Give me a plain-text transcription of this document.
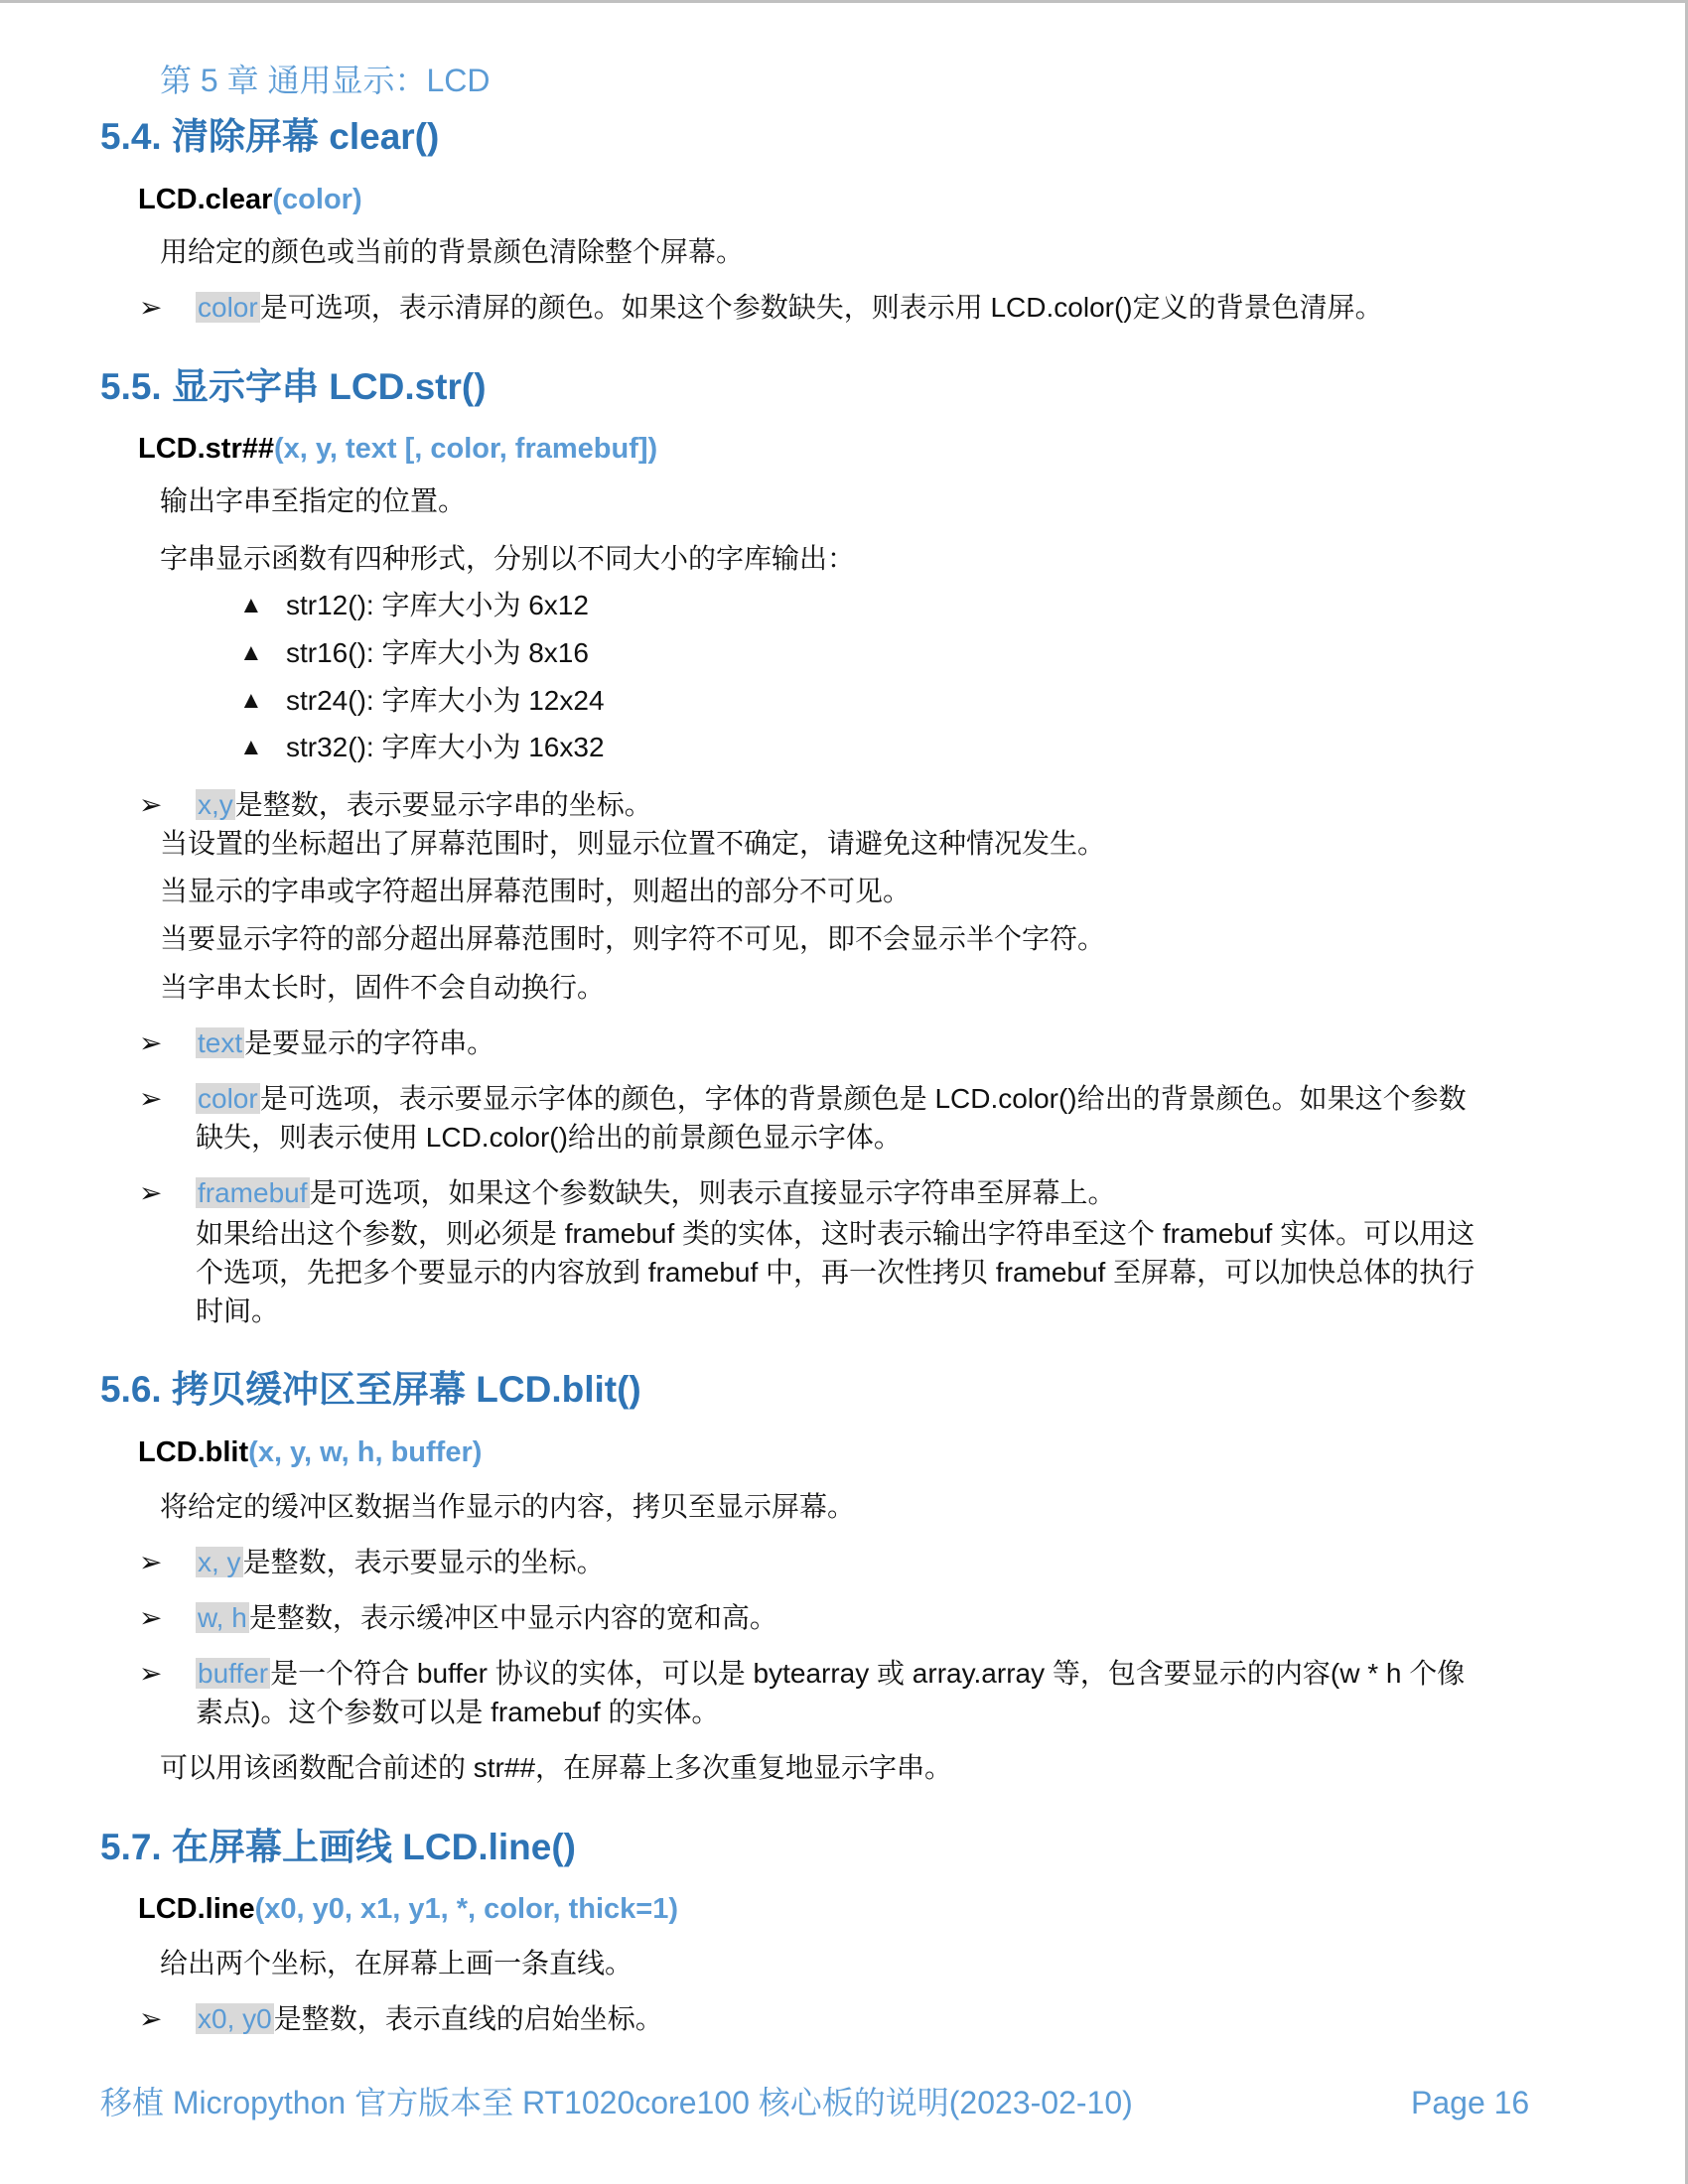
第 5 章 通用显示：LCD
5.4. 清除屏幕 clear()
LCD.clear(color)
用给定的颜色或当前的背景颜色清除整个屏幕。
➢ color是可选项，表示清屏的颜色。如果这个参数缺失，则表示用 LCD.color()定义的背景色清屏。
5.5. 显示字串 LCD.str()
LCD.str##(x, y, text [, color, framebuf])
输出字串至指定的位置。
字串显示函数有四种形式，分别以不同大小的字库输出：
▲ str12(): 字库大小为 6x12
▲ str16(): 字库大小为 8x16
▲ str24(): 字库大小为 12x24
▲ str32(): 字库大小为 16x32
➢ x,y是整数，表示要显示字串的坐标。
当设置的坐标超出了屏幕范围时，则显示位置不确定，请避免这种情况发生。
当显示的字串或字符超出屏幕范围时，则超出的部分不可见。
当要显示字符的部分超出屏幕范围时，则字符不可见，即不会显示半个字符。
当字串太长时，固件不会自动换行。
➢ text是要显示的字符串。
➢ color是可选项，表示要显示字体的颜色，字体的背景颜色是 LCD.color()给出的背景颜色。如果这个参数
缺失，则表示使用 LCD.color()给出的前景颜色显示字体。
➢ framebuf是可选项，如果这个参数缺失，则表示直接显示字符串至屏幕上。
如果给出这个参数，则必须是 framebuf 类的实体，这时表示输出字符串至这个 framebuf 实体。可以用这
个选项，先把多个要显示的内容放到 framebuf 中，再一次性拷贝 framebuf 至屏幕，可以加快总体的执行
时间。
5.6. 拷贝缓冲区至屏幕 LCD.blit()
LCD.blit(x, y, w, h, buffer)
将给定的缓冲区数据当作显示的内容，拷贝至显示屏幕。
➢ x, y是整数，表示要显示的坐标。
➢ w, h是整数，表示缓冲区中显示内容的宽和高。
➢ buffer是一个符合 buffer 协议的实体，可以是 bytearray 或 array.array 等，包含要显示的内容(w * h 个像
素点)。这个参数可以是 framebuf 的实体。
可以用该函数配合前述的 str##，在屏幕上多次重复地显示字串。
5.7. 在屏幕上画线 LCD.line()
LCD.line(x0, y0, x1, y1, *, color, thick=1)
给出两个坐标，在屏幕上画一条直线。
➢ x0, y0是整数，表示直线的启始坐标。
移植 Micropython 官方版本至 RT1020core100 核心板的说明(2023-02-10)	Page 16
